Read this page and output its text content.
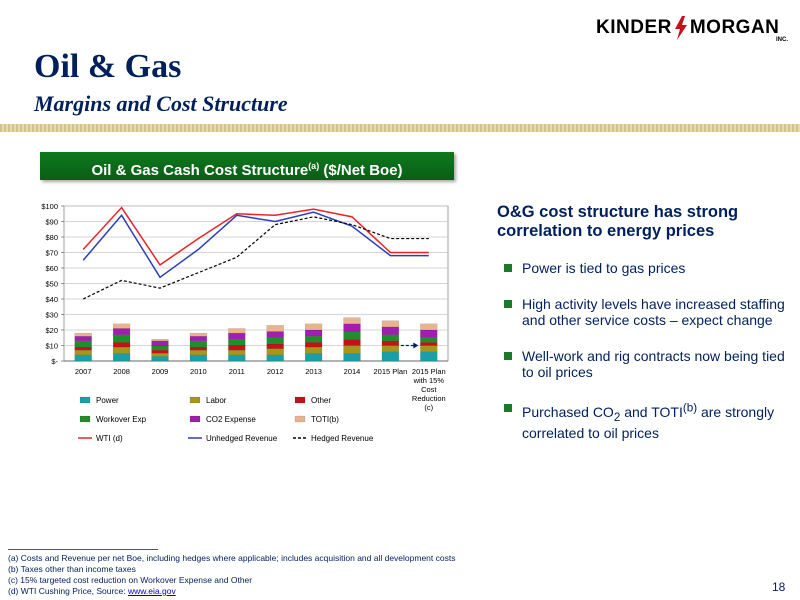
Oil & Gas
Margins and Cost Structure
KINDER MORGAN
INC.
Oil & Gas Cash Cost Structure$^{(a)}$ ($/Net Boe)
$-
$10
$20
$30
$40
$50
$60
$70
$80
$90
$100
2007	2008	2009	2010	2011	2012	2013	2014 2015 Plan 2015 Plan with 15% Cost Reduction (c)
Power	Labor	Other
Workover Exp	CO2 Expense	TOTI(b)
WTI (d)	Unhedged Revenue	Hedged Revenue
O&G cost structure has strong correlation to energy prices
Power is tied to gas prices
High activity levels have increased staffing and other service costs – expect change
Well-work and rig contracts now being tied to oil prices
Purchased $CO_2$ and TOTI$^{(b)}$ are strongly correlated to oil prices
(a) Costs and Revenue per net Boe, including hedges where applicable; includes acquisition and all development costs
(b) Taxes other than income taxes
(c) 15% targeted cost reduction on Workover Expense and Other
(d) WTI Cushing Price, Source: www.eia.gov	18
